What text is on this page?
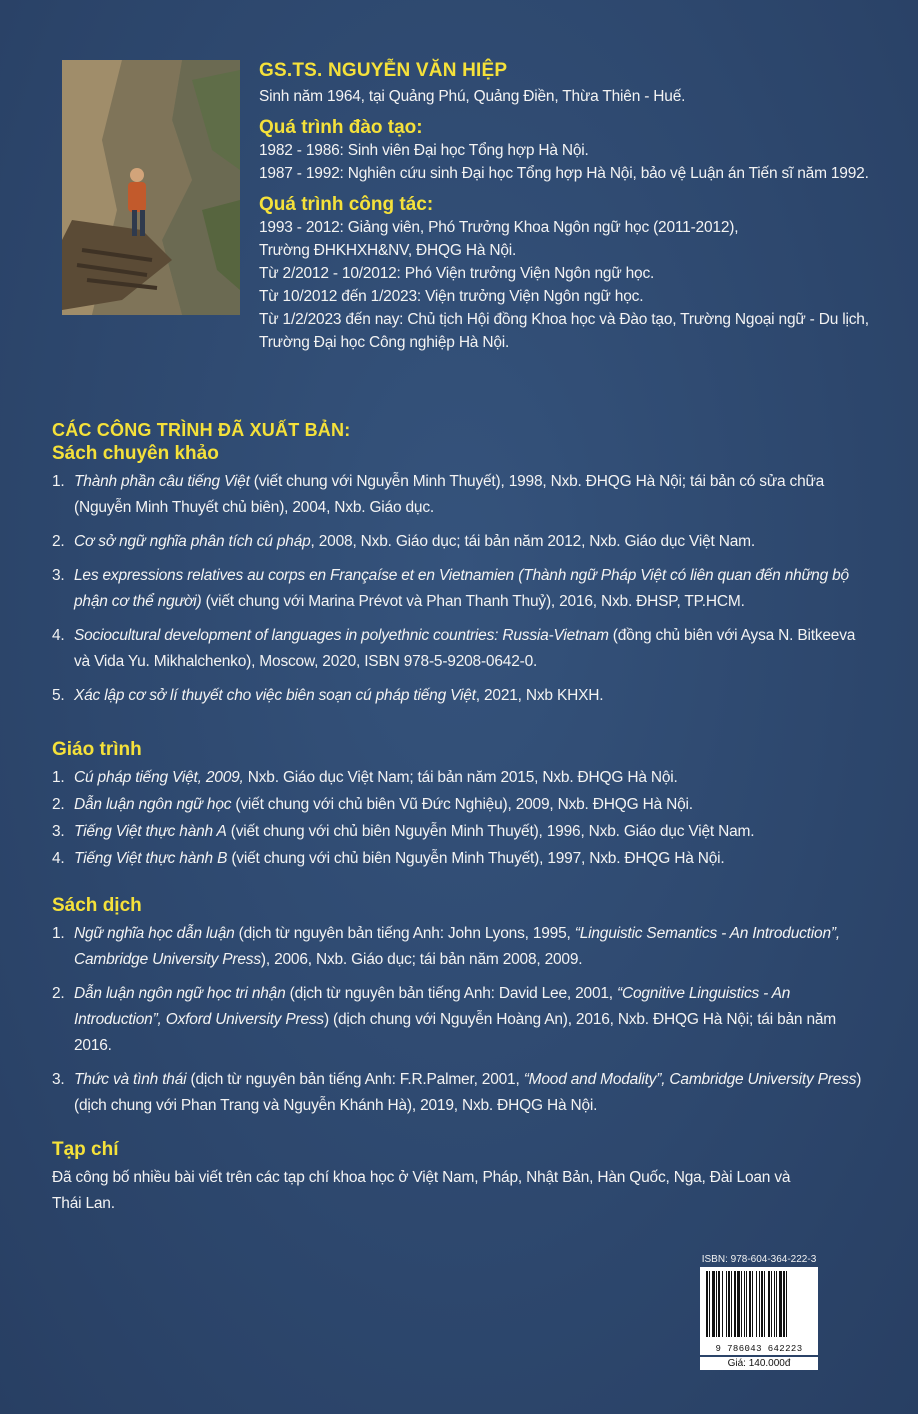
GS.TS. NGUYỄN VĂN HIỆP
Sinh năm 1964, tại Quảng Phú, Quảng Điền, Thừa Thiên - Huế.
Quá trình đào tạo:
1982 - 1986: Sinh viên Đại học Tổng hợp Hà Nội.
1987 - 1992: Nghiên cứu sinh Đại học Tổng hợp Hà Nội, bảo vệ Luận án Tiến sĩ năm 1992.
Quá trình công tác:
1993 - 2012: Giảng viên, Phó Trưởng Khoa Ngôn ngữ học (2011-2012),
Trường ĐHKHXH&NV, ĐHQG Hà Nội.
Từ 2/2012 - 10/2012: Phó Viện trưởng Viện Ngôn ngữ học.
Từ 10/2012 đến 1/2023: Viện trưởng Viện Ngôn ngữ học.
Từ 1/2/2023 đến nay: Chủ tịch Hội đồng Khoa học và Đào tạo, Trường Ngoại ngữ - Du lịch,
Trường Đại học Công nghiệp Hà Nội.
CÁC CÔNG TRÌNH ĐÃ XUẤT BẢN:
Sách chuyên khảo
1. Thành phần câu tiếng Việt (viết chung với Nguyễn Minh Thuyết), 1998, Nxb. ĐHQG Hà Nội; tái bản có sửa chữa (Nguyễn Minh Thuyết chủ biên), 2004, Nxb. Giáo dục.
2. Cơ sở ngữ nghĩa phân tích cú pháp, 2008, Nxb. Giáo dục; tái bản năm 2012, Nxb. Giáo dục Việt Nam.
3. Les expressions relatives au corps en Françaíse et en Vietnamien (Thành ngữ Pháp Việt có liên quan đến những bộ phận cơ thể người) (viết chung với Marina Prévot và Phan Thanh Thuỷ), 2016, Nxb. ĐHSP, TP.HCM.
4. Sociocultural development of languages in polyethnic countries: Russia-Vietnam (đồng chủ biên với Aysa N. Bitkeeva và Vida Yu. Mikhalchenko), Moscow, 2020, ISBN 978-5-9208-0642-0.
5. Xác lập cơ sở lí thuyết cho việc biên soạn cú pháp tiếng Việt, 2021, Nxb KHXH.
Giáo trình
1. Cú pháp tiếng Việt, 2009, Nxb. Giáo dục Việt Nam; tái bản năm 2015, Nxb. ĐHQG Hà Nội.
2. Dẫn luận ngôn ngữ học (viết chung với chủ biên Vũ Đức Nghiệu), 2009, Nxb. ĐHQG Hà Nội.
3. Tiếng Việt thực hành A (viết chung với chủ biên Nguyễn Minh Thuyết), 1996, Nxb. Giáo dục Việt Nam.
4. Tiếng Việt thực hành B (viết chung với chủ biên Nguyễn Minh Thuyết), 1997, Nxb. ĐHQG Hà Nội.
Sách dịch
1. Ngữ nghĩa học dẫn luận (dịch từ nguyên bản tiếng Anh: John Lyons, 1995, “Linguistic Semantics - An Introduction”, Cambridge University Press), 2006, Nxb. Giáo dục; tái bản năm 2008, 2009.
2. Dẫn luận ngôn ngữ học tri nhận (dịch từ nguyên bản tiếng Anh: David Lee, 2001, “Cognitive Linguistics - An Introduction”, Oxford University Press) (dịch chung với Nguyễn Hoàng An), 2016, Nxb. ĐHQG Hà Nội; tái bản năm 2016.
3. Thức và tình thái (dịch từ nguyên bản tiếng Anh: F.R.Palmer, 2001, “Mood and Modality”, Cambridge University Press) (dịch chung với Phan Trang và Nguyễn Khánh Hà), 2019, Nxb. ĐHQG Hà Nội.
Tạp chí
Đã công bố nhiều bài viết trên các tạp chí khoa học ở Việt Nam, Pháp, Nhật Bản, Hàn Quốc, Nga, Đài Loan và Thái Lan.
ISBN: 978-604-364-222-3
9 786043 642223
Giá: 140.000đ
